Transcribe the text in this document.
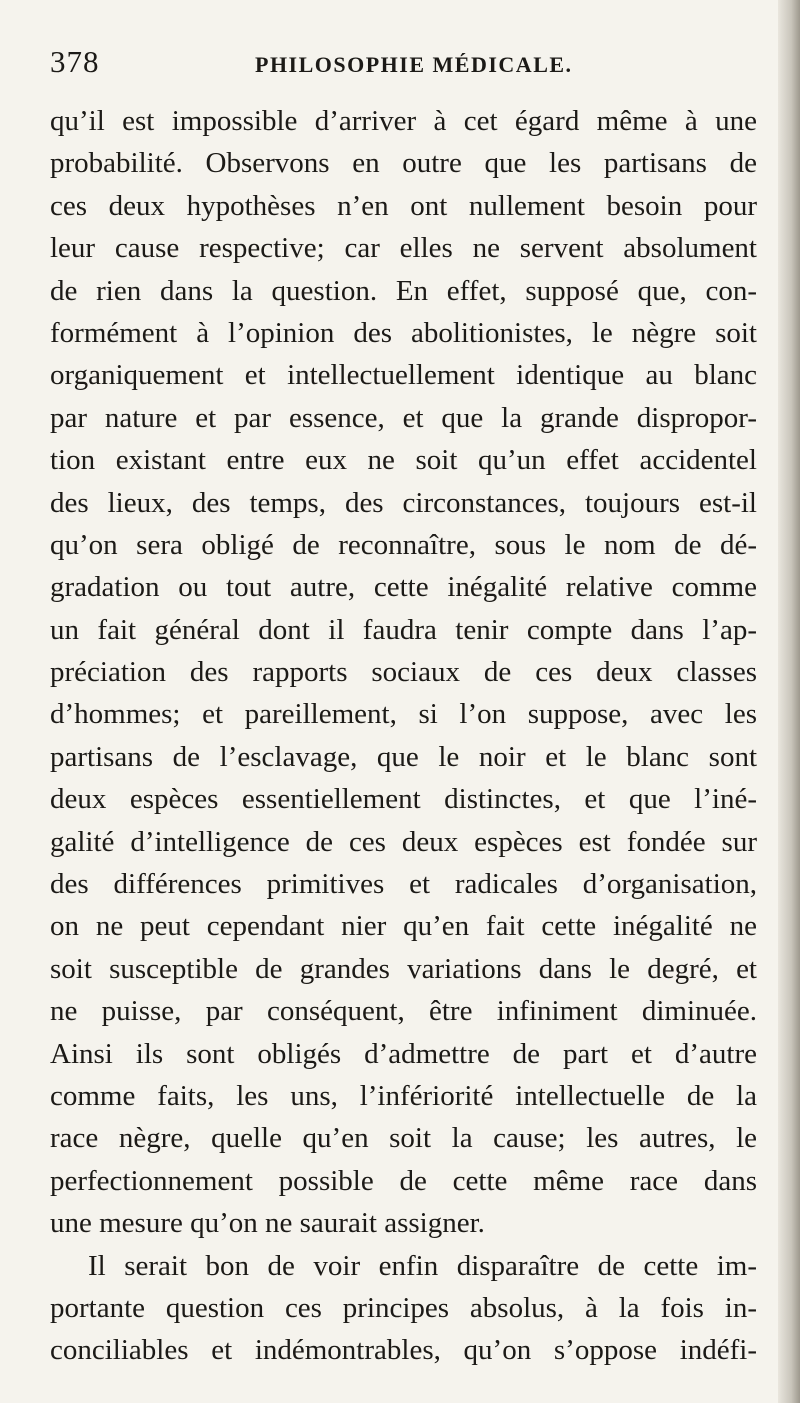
378	PHILOSOPHIE MÉDICALE.
qu’il est impossible d’arriver à cet égard même à une
probabilité. Observons en outre que les partisans de
ces deux hypothèses n’en ont nullement besoin pour
leur cause respective; car elles ne servent absolument
de rien dans la question. En effet, supposé que, con-
formément à l’opinion des abolitionistes, le nègre soit
organiquement et intellectuellement identique au blanc
par nature et par essence, et que la grande dispropor-
tion existant entre eux ne soit qu’un effet accidentel
des lieux, des temps, des circonstances, toujours est-il
qu’on sera obligé de reconnaître, sous le nom de dé-
gradation ou tout autre, cette inégalité relative comme
un fait général dont il faudra tenir compte dans l’ap-
préciation des rapports sociaux de ces deux classes
d’hommes; et pareillement, si l’on suppose, avec les
partisans de l’esclavage, que le noir et le blanc sont
deux espèces essentiellement distinctes, et que l’iné-
galité d’intelligence de ces deux espèces est fondée sur
des différences primitives et radicales d’organisation,
on ne peut cependant nier qu’en fait cette inégalité ne
soit susceptible de grandes variations dans le degré, et
ne puisse, par conséquent, être infiniment diminuée.
Ainsi ils sont obligés d’admettre de part et d’autre
comme faits, les uns, l’infériorité intellectuelle de la
race nègre, quelle qu’en soit la cause; les autres, le
perfectionnement possible de cette même race dans
une mesure qu’on ne saurait assigner.
Il serait bon de voir enfin disparaître de cette im-
portante question ces principes absolus, à la fois in-
conciliables et indémontrables, qu’on s’oppose indéfi-
